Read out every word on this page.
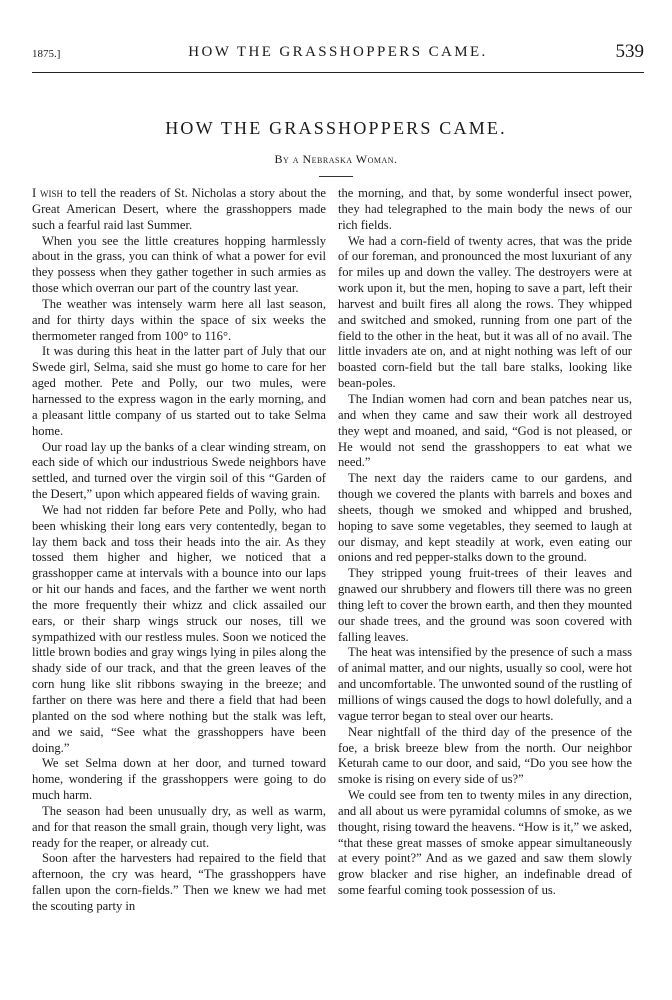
1875.]	HOW THE GRASSHOPPERS CAME.	539
HOW THE GRASSHOPPERS CAME.
By a Nebraska Woman.

I wish to tell the readers of St. Nicholas a story about the Great American Desert, where the grasshoppers made such a fearful raid last Summer.

When you see the little creatures hopping harmlessly about in the grass, you can think of what a power for evil they possess when they gather together in such armies as those which overran our part of the country last year.

The weather was intensely warm here all last season, and for thirty days within the space of six weeks the thermometer ranged from 100° to 116°.

It was during this heat in the latter part of July that our Swede girl, Selma, said she must go home to care for her aged mother. Pete and Polly, our two mules, were harnessed to the express wagon in the early morning, and a pleasant little company of us started out to take Selma home.

Our road lay up the banks of a clear winding stream, on each side of which our industrious Swede neighbors have settled, and turned over the virgin soil of this “Garden of the Desert,” upon which appeared fields of waving grain.

We had not ridden far before Pete and Polly, who had been whisking their long ears very contentedly, began to lay them back and toss their heads into the air. As they tossed them higher and higher, we noticed that a grasshopper came at intervals with a bounce into our laps or hit our hands and faces, and the farther we went north the more frequently their whizz and click assailed our ears, or their sharp wings struck our noses, till we sympathized with our restless mules. Soon we noticed the little brown bodies and gray wings lying in piles along the shady side of our track, and that the green leaves of the corn hung like slit ribbons swaying in the breeze; and farther on there was here and there a field that had been planted on the sod where nothing but the stalk was left, and we said, “See what the grasshoppers have been doing.”

We set Selma down at her door, and turned toward home, wondering if the grasshoppers were going to do much harm.

The season had been unusually dry, as well as warm, and for that reason the small grain, though very light, was ready for the reaper, or already cut.

Soon after the harvesters had repaired to the field that afternoon, the cry was heard, “The grasshoppers have fallen upon the corn-fields.” Then we knew we had met the scouting party in

the morning, and that, by some wonderful insect power, they had telegraphed to the main body the news of our rich fields.

We had a corn-field of twenty acres, that was the pride of our foreman, and pronounced the most luxuriant of any for miles up and down the valley. The destroyers were at work upon it, but the men, hoping to save a part, left their harvest and built fires all along the rows. They whipped and switched and smoked, running from one part of the field to the other in the heat, but it was all of no avail. The little invaders ate on, and at night nothing was left of our boasted corn-field but the tall bare stalks, looking like bean-poles.

The Indian women had corn and bean patches near us, and when they came and saw their work all destroyed they wept and moaned, and said, “God is not pleased, or He would not send the grasshoppers to eat what we need.”

The next day the raiders came to our gardens, and though we covered the plants with barrels and boxes and sheets, though we smoked and whipped and brushed, hoping to save some vegetables, they seemed to laugh at our dismay, and kept steadily at work, even eating our onions and red pepper-stalks down to the ground.

They stripped young fruit-trees of their leaves and gnawed our shrubbery and flowers till there was no green thing left to cover the brown earth, and then they mounted our shade trees, and the ground was soon covered with falling leaves.

The heat was intensified by the presence of such a mass of animal matter, and our nights, usually so cool, were hot and uncomfortable. The unwonted sound of the rustling of millions of wings caused the dogs to howl dolefully, and a vague terror began to steal over our hearts.

Near nightfall of the third day of the presence of the foe, a brisk breeze blew from the north. Our neighbor Keturah came to our door, and said, “Do you see how the smoke is rising on every side of us?”

We could see from ten to twenty miles in any direction, and all about us were pyramidal columns of smoke, as we thought, rising toward the heavens. “How is it,” we asked, “that these great masses of smoke appear simultaneously at every point?” And as we gazed and saw them slowly grow blacker and rise higher, an indefinable dread of some fearful coming took possession of us.
